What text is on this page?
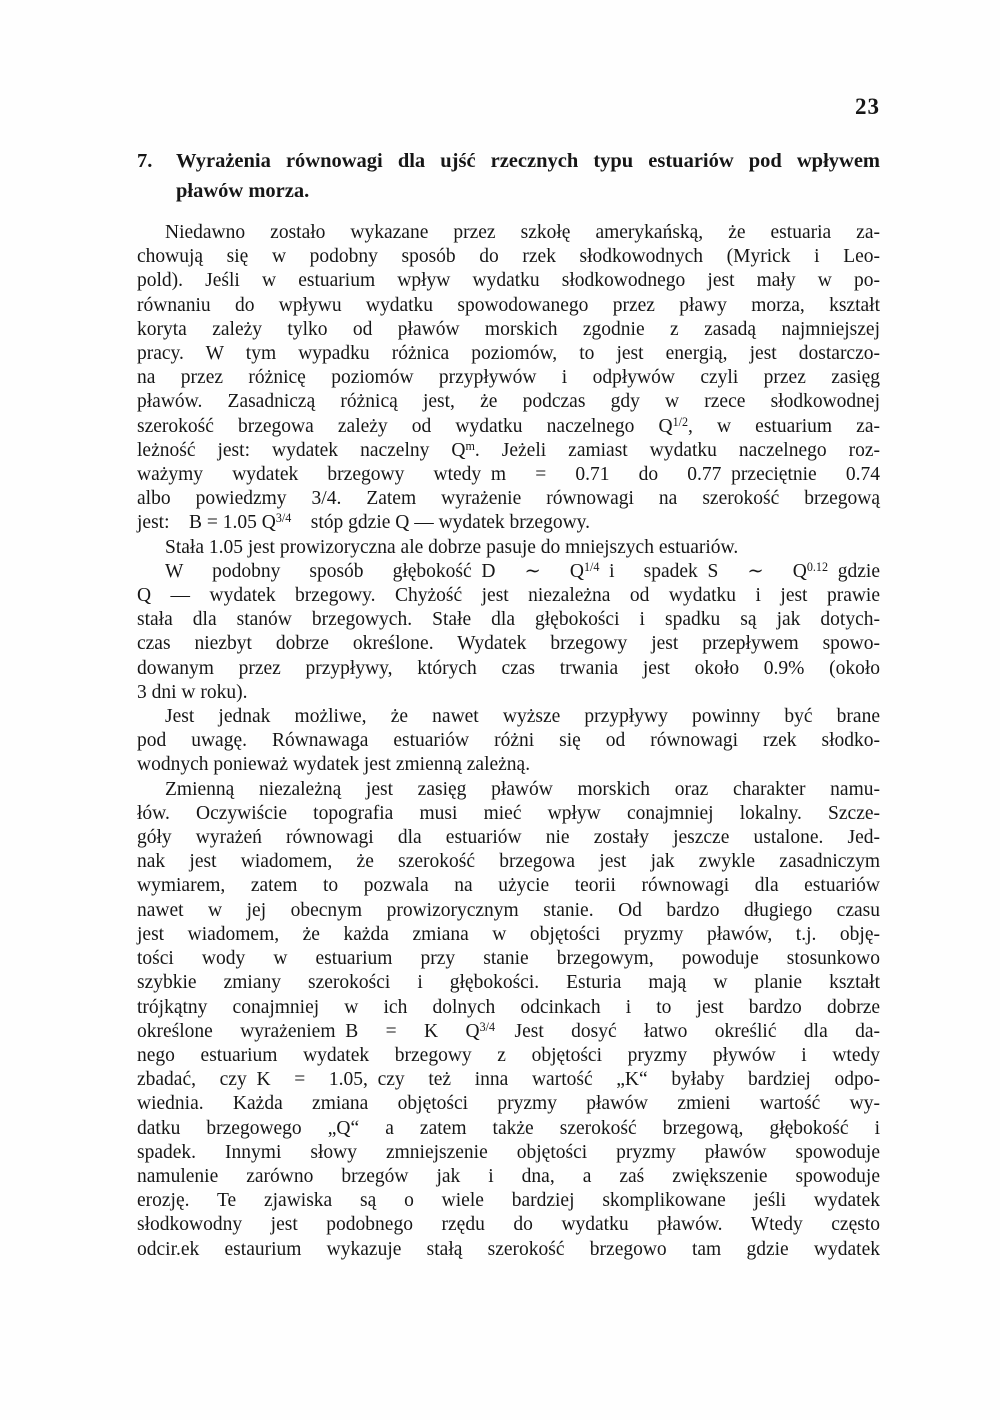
23
7.	Wyrażenia równowagi dla ujść rzecznych typu estuariów pod wpływem
pławów morza.
Niedawno zostało wykazane przez szkołę amerykańską, że estuaria za-
chowują się w podobny sposób do rzek słodkowodnych (Myrick i Leo-
pold). Jeśli w estuarium wpływ wydatku słodkowodnego jest mały w po-
równaniu do wpływu wydatku spowodowanego przez pławy morza, kształt
koryta zależy tylko od pławów morskich zgodnie z zasadą najmniejszej
pracy. W tym wypadku różnica poziomów, to jest energią, jest dostarczo-
na przez różnicę poziomów przypływów i odpływów czyli przez zasięg
pławów. Zasadniczą różnicą jest, że podczas gdy w rzece słodkowodnej
szerokość brzegowa zależy od wydatku naczelnego $Q^{1/2}$, w estuarium za-
leżność jest: wydatek naczelny $Q^m$. Jeżeli zamiast wydatku naczelnego roz-
ważymy wydatek brzegowy wtedy m = 0.71 do 0.77 przeciętnie 0.74
albo powiedzmy 3/4. Zatem wyrażenie równowagi na szerokość brzegową
jest:  B = 1.05 $Q^{3/4}$  stóp gdzie Q — wydatek brzegowy.
Stała 1.05 jest prowizoryczna ale dobrze pasuje do mniejszych estuariów.
W podobny sposób głębokość D ∼ $Q^{1/4}$ i spadek S ∼ $Q^{0.12}$ gdzie
Q — wydatek brzegowy. Chyżość jest niezależna od wydatku i jest prawie
stała dla stanów brzegowych. Stałe dla głębokości i spadku są jak dotych-
czas niezbyt dobrze określone. Wydatek brzegowy jest przepływem spowo-
dowanym przez przypływy, których czas trwania jest około 0.9% (około
3 dni w roku).
Jest jednak możliwe, że nawet wyższe przypływy powinny być brane
pod uwagę. Równawaga estuariów różni się od równowagi rzek słodko-
wodnych ponieważ wydatek jest zmienną zależną.
Zmienną niezależną jest zasięg pławów morskich oraz charakter namu-
łów. Oczywiście topografia musi mieć wpływ conajmniej lokalny. Szcze-
góły wyrażeń równowagi dla estuariów nie zostały jeszcze ustalone. Jed-
nak jest wiadomem, że szerokość brzegowa jest jak zwykle zasadniczym
wymiarem, zatem to pozwala na użycie teorii równowagi dla estuariów
nawet w jej obecnym prowizorycznym stanie. Od bardzo długiego czasu
jest wiadomem, że każda zmiana w objętości pryzmy pławów, t.j. obję-
tości wody w estuarium przy stanie brzegowym, powoduje stosunkowo
szybkie zmiany szerokości i głębokości. Esturia mają w planie kształt
trójkątny conajmniej w ich dolnych odcinkach i to jest bardzo dobrze
określone wyrażeniem B = K $Q^{3/4}$  Jest dosyć łatwo określić dla da-
nego estuarium wydatek brzegowy z objętości pryzmy pływów i wtedy
zbadać, czy K = 1.05, czy też inna wartość „K“ byłaby bardziej odpo-
wiednia. Każda zmiana objętości pryzmy pławów zmieni wartość wy-
datku brzegowego „Q“ a zatem także szerokość brzegową, głębokość i
spadek. Innymi słowy zmniejszenie objętości pryzmy pławów spowoduje
namulenie zarówno brzegów jak i dna, a zaś zwiększenie spowoduje
erozję. Te zjawiska są o wiele bardziej skomplikowane jeśli wydatek
słodkowodny jest podobnego rzędu do wydatku pławów. Wtedy często
odcir.ek estaurium wykazuje stałą szerokość brzegowo tam gdzie wydatek
